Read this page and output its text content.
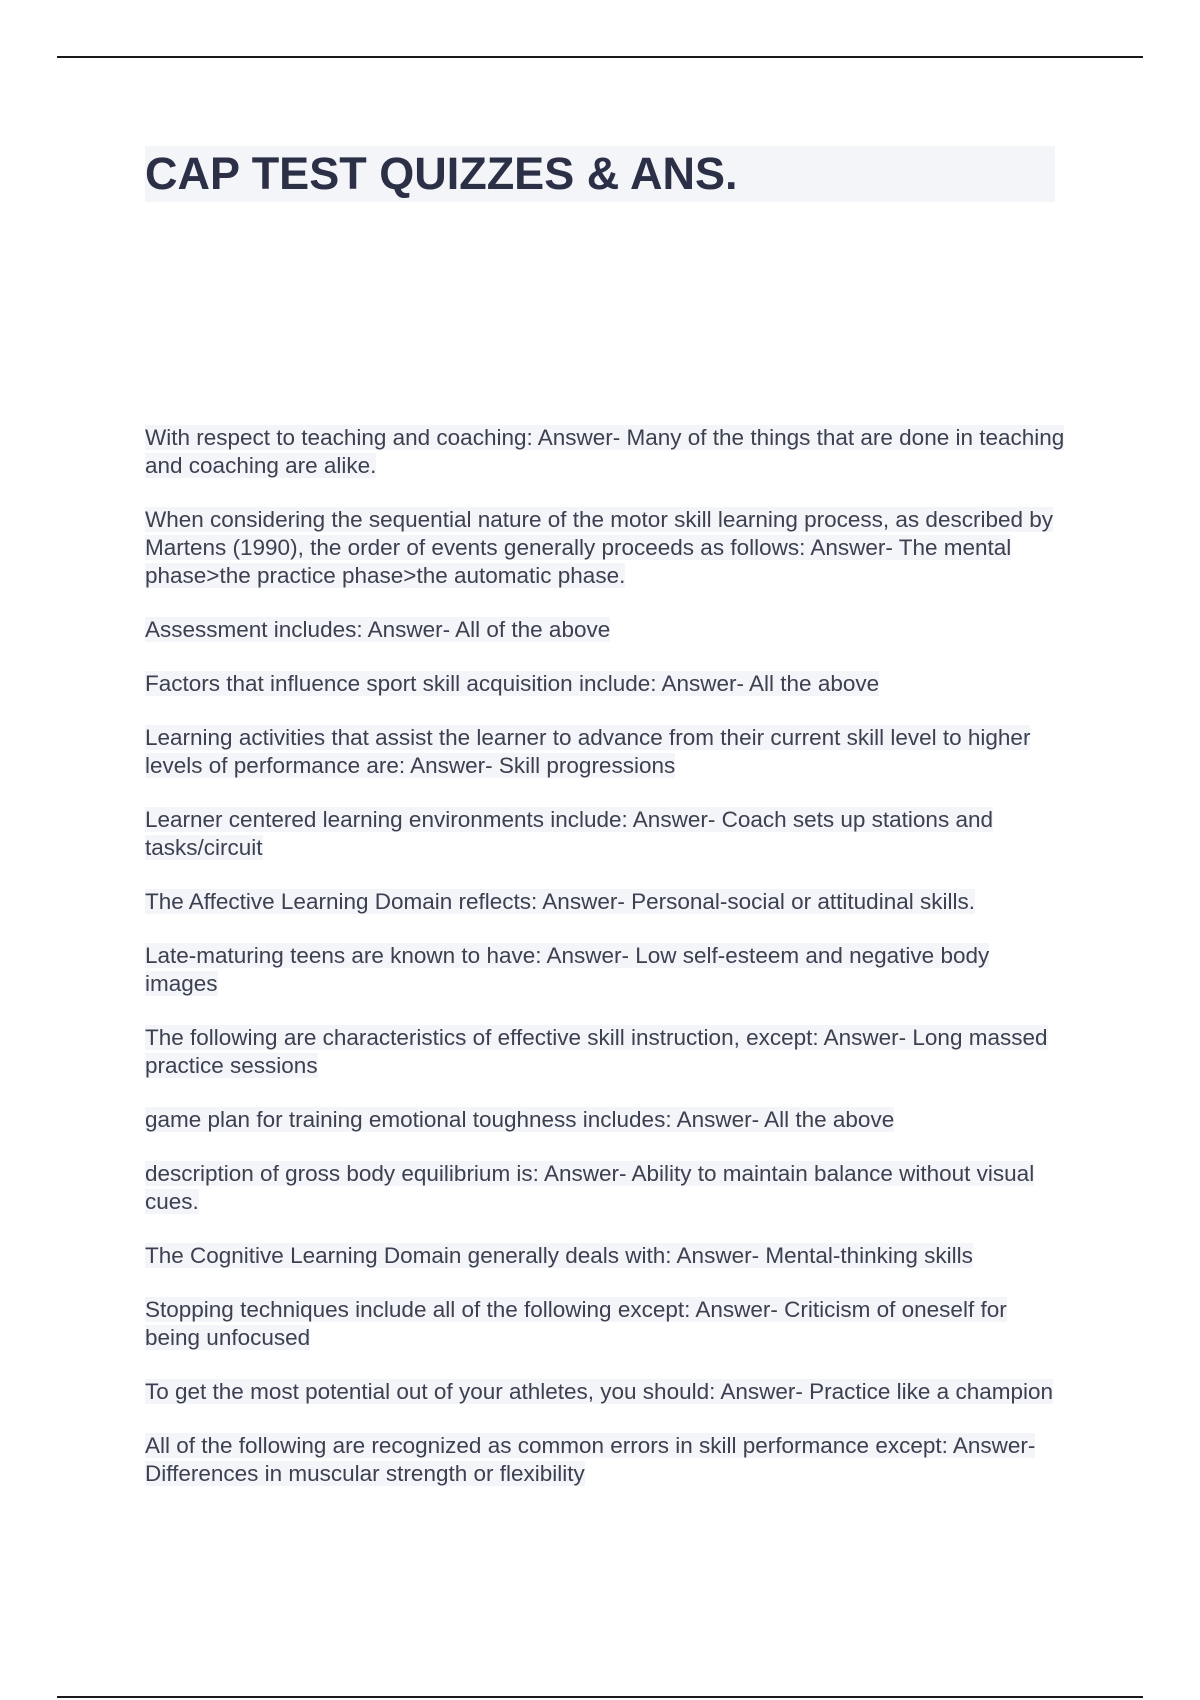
CAP TEST QUIZZES & ANS.
With respect to teaching and coaching: Answer- Many of the things that are done in teaching and coaching are alike.
When considering the sequential nature of the motor skill learning process, as described by Martens (1990), the order of events generally proceeds as follows: Answer- The mental phase>the practice phase>the automatic phase.
Assessment includes: Answer- All of the above
Factors that influence sport skill acquisition include: Answer- All the above
Learning activities that assist the learner to advance from their current skill level to higher levels of performance are: Answer- Skill progressions
Learner centered learning environments include: Answer- Coach sets up stations and tasks/circuit
The Affective Learning Domain reflects: Answer- Personal-social or attitudinal skills.
Late-maturing teens are known to have: Answer- Low self-esteem and negative body images
The following are characteristics of effective skill instruction, except: Answer- Long massed practice sessions
game plan for training emotional toughness includes: Answer- All the above
description of gross body equilibrium is: Answer- Ability to maintain balance without visual cues.
The Cognitive Learning Domain generally deals with: Answer- Mental-thinking skills
Stopping techniques include all of the following except: Answer- Criticism of oneself for being unfocused
To get the most potential out of your athletes, you should: Answer- Practice like a champion
All of the following are recognized as common errors in skill performance except: Answer- Differences in muscular strength or flexibility
